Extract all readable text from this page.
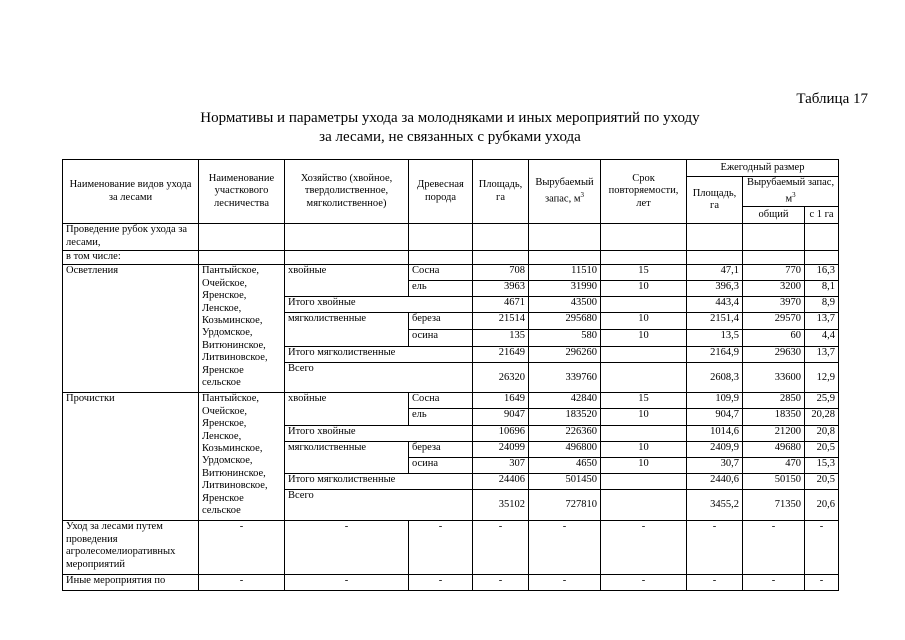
Таблица 17
Нормативы и параметры ухода за молодняками и иных мероприятий по уходу
за лесами, не связанных с рубками ухода
Наименование видов ухода за лесами	Наименование участкового лесничества	Хозяйство (хвойное, твердолиственное, мягколиственное)	Древесная порода	Площадь, га	Вырубаемый запас, $м^3$	Срок повторяемости, лет	Ежегодный размер		
							Площадь, га	Вырубаемый запас, $м^3$
								общий	с 1 га
Проведение рубок ухода за лесами,									
в том числе:									
Осветления	Пантыйское, Очейское, Яренское, Ленское, Козьминское, Урдомское, Витюнинское, Литвиновское, Яренское сельское	хвойные	Сосна	708	11510	15	47,1	770	16,3
			ель	3963	31990	10	396,3	3200	8,1
		Итого хвойные		4671	43500		443,4	3970	8,9
		мягколиственные	береза	21514	295680	10	2151,4	29570	13,7
			осина	135	580	10	13,5	60	4,4
		Итого мягколиственные		21649	296260		2164,9	29630	13,7
		Всего		26320	339760		2608,3	33600	12,9
Прочистки	Пантыйское, Очейское, Яренское, Ленское, Козьминское, Урдомское, Витюнинское, Литвиновское, Яренское сельское	хвойные	Сосна	1649	42840	15	109,9	2850	25,9
			ель	9047	183520	10	904,7	18350	20,28
		Итого хвойные		10696	226360		1014,6	21200	20,8
		мягколиственные	береза	24099	496800	10	2409,9	49680	20,5
			осина	307	4650	10	30,7	470	15,3
		Итого мягколиственные		24406	501450		2440,6	50150	20,5
		Всего		35102	727810		3455,2	71350	20,6
Уход за лесами путем проведения агролесомелиоративных мероприятий	-	-	-	-	-	-	-	-	-
Иные мероприятия по	-	-	-	-	-	-	-	-	-
